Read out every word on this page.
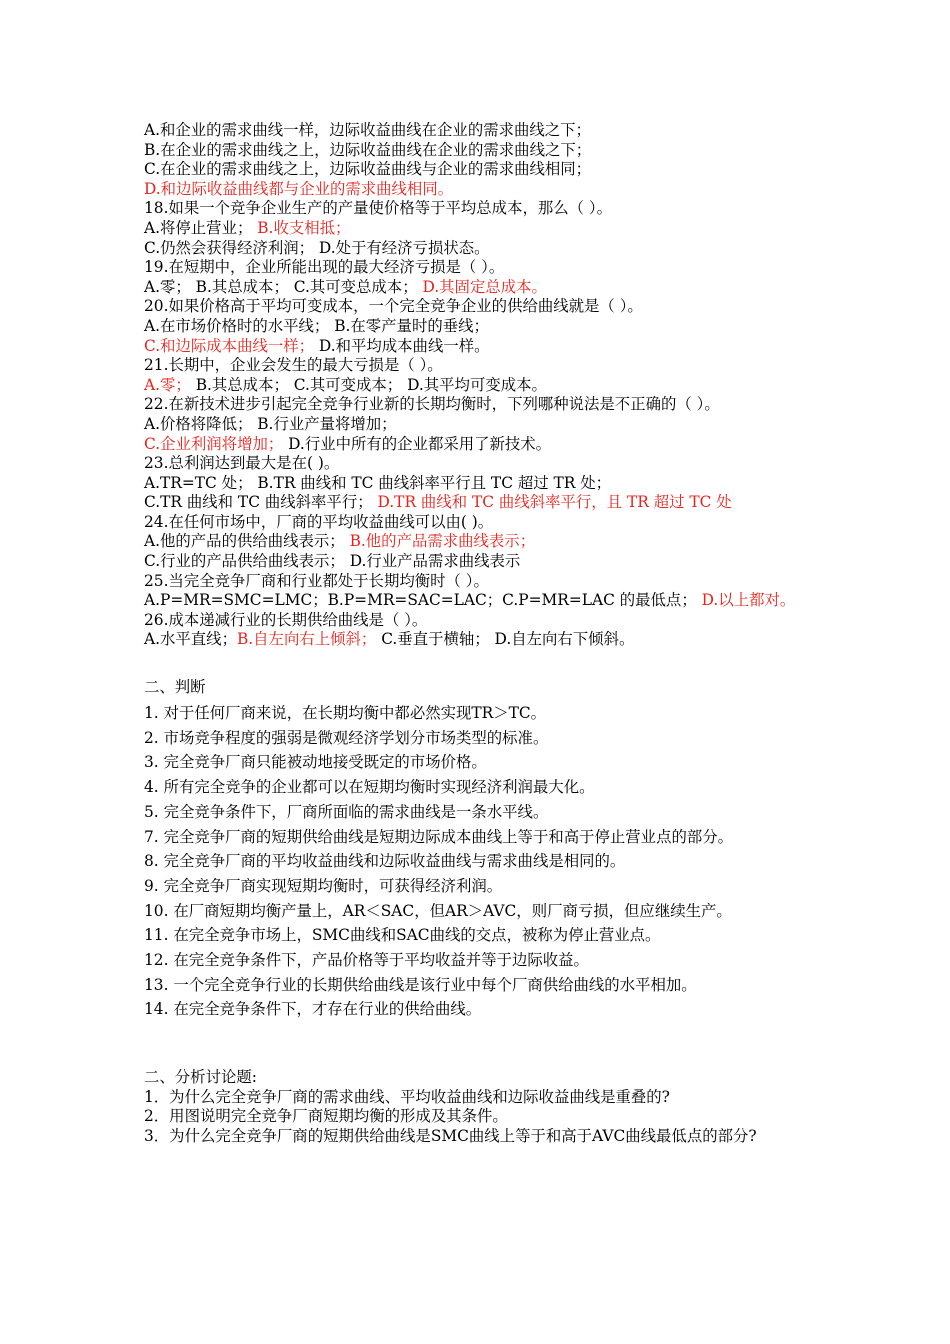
A.和企业的需求曲线一样，边际收益曲线在企业的需求曲线之下；
B.在企业的需求曲线之上，边际收益曲线在企业的需求曲线之下；
C.在企业的需求曲线之上，边际收益曲线与企业的需求曲线相同；
D.和边际收益曲线都与企业的需求曲线相同。
18.如果一个竞争企业生产的产量使价格等于平均总成本，那么（ ）。
A.将停止营业； B.收支相抵；
C.仍然会获得经济利润； D.处于有经济亏损状态。
19.在短期中，企业所能出现的最大经济亏损是（ ）。
A.零； B.其总成本； C.其可变总成本； D.其固定总成本。
20.如果价格高于平均可变成本，一个完全竞争企业的供给曲线就是（ ）。
A.在市场价格时的水平线； B.在零产量时的垂线；
C.和边际成本曲线一样； D.和平均成本曲线一样。
21.长期中，企业会发生的最大亏损是（ ）。
A.零； B.其总成本； C.其可变成本； D.其平均可变成本。
22.在新技术进步引起完全竞争行业新的长期均衡时，下列哪种说法是不正确的（ ）。
A.价格将降低； B.行业产量将增加；
C.企业利润将增加； D.行业中所有的企业都采用了新技术。
23.总利润达到最大是在( )。
A.TR=TC 处； B.TR 曲线和 TC 曲线斜率平行且 TC 超过 TR 处；
C.TR 曲线和 TC 曲线斜率平行； D.TR 曲线和 TC 曲线斜率平行，且 TR 超过 TC 处
24.在任何市场中，厂商的平均收益曲线可以由( )。
A.他的产品的供给曲线表示； B.他的产品需求曲线表示；
C.行业的产品供给曲线表示； D.行业产品需求曲线表示
25.当完全竞争厂商和行业都处于长期均衡时（ ）。
A.P=MR=SMC=LMC；B.P=MR=SAC=LAC；C.P=MR=LAC 的最低点； D.以上都对。
26.成本递减行业的长期供给曲线是（ ）。
A.水平直线；B.自左向右上倾斜； C.垂直于横轴； D.自左向右下倾斜。
二、判断
1. 对于任何厂商来说，在长期均衡中都必然实现TR＞TC。
2. 市场竞争程度的强弱是微观经济学划分市场类型的标准。
3. 完全竞争厂商只能被动地接受既定的市场价格。
4. 所有完全竞争的企业都可以在短期均衡时实现经济利润最大化。
5. 完全竞争条件下，厂商所面临的需求曲线是一条水平线。
7. 完全竞争厂商的短期供给曲线是短期边际成本曲线上等于和高于停止营业点的部分。
8. 完全竞争厂商的平均收益曲线和边际收益曲线与需求曲线是相同的。
9. 完全竞争厂商实现短期均衡时，可获得经济利润。
10. 在厂商短期均衡产量上，AR＜SAC，但AR＞AVC，则厂商亏损，但应继续生产。
11. 在完全竞争市场上，SMC曲线和SAC曲线的交点，被称为停止营业点。
12. 在完全竞争条件下，产品价格等于平均收益并等于边际收益。
13. 一个完全竞争行业的长期供给曲线是该行业中每个厂商供给曲线的水平相加。
14. 在完全竞争条件下，才存在行业的供给曲线。
二、分析讨论题:
1．为什么完全竞争厂商的需求曲线、平均收益曲线和边际收益曲线是重叠的?
2．用图说明完全竞争厂商短期均衡的形成及其条件。
3．为什么完全竞争厂商的短期供给曲线是SMC曲线上等于和高于AVC曲线最低点的部分?
